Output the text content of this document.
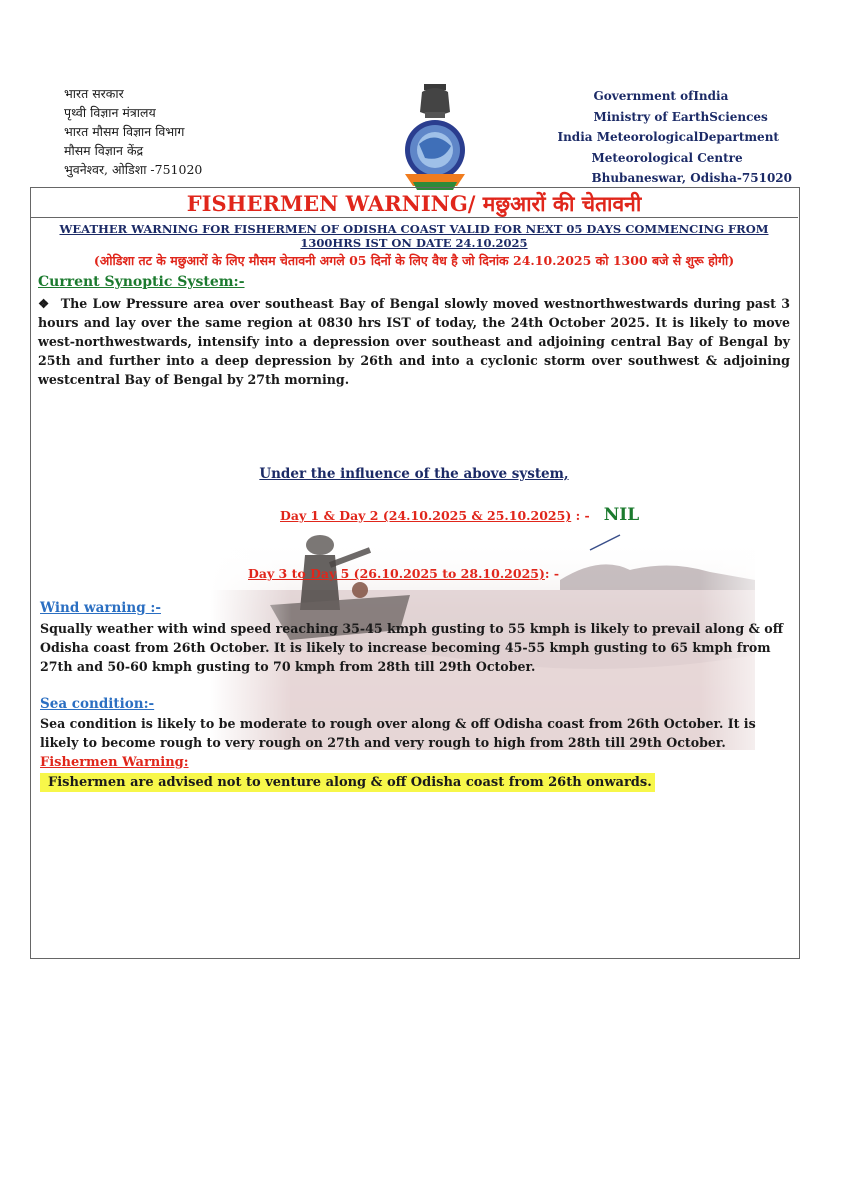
भारत सरकार
पृथ्वी विज्ञान मंत्रालय
भारत मौसम विज्ञान विभाग
मौसम विज्ञान केंद्र
भुवनेश्वर, ओडिशा -751020
Government ofIndia
Ministry of EarthSciences
India MeteorologicalDepartment
Meteorological Centre
Bhubaneswar, Odisha-751020
FISHERMEN WARNING/ मछुआरों की चेतावनी
WEATHER WARNING FOR FISHERMEN OF ODISHA COAST VALID FOR NEXT 05 DAYS COMMENCING FROM
1300HRS IST ON DATE 24.10.2025
(ओडिशा तट के मछुआरों के लिए मौसम चेतावनी अगले 05 दिनों के लिए वैध है जो दिनांक 24.10.2025 को 1300 बजे से शुरू होगी)
Current Synoptic System:-
❖ The Low Pressure area over southeast Bay of Bengal slowly moved westnorthwestwards during past 3 hours and lay over the same region at 0830 hrs IST of today, the 24th October 2025. It is likely to move west-northwestwards, intensify into a depression over southeast and adjoining central Bay of Bengal by 25th and further into a deep depression by 26th and into a cyclonic storm over southwest & adjoining westcentral Bay of Bengal by 27th morning.
Under the influence of the above system,
Day 1 & Day 2 (24.10.2025 & 25.10.2025) : - NIL
Day 3 to Day 5 (26.10.2025 to 28.10.2025): -
Wind warning :-
Squally weather with wind speed reaching 35-45 kmph gusting to 55 kmph is likely to prevail along & off Odisha coast from 26th October. It is likely to increase becoming 45-55 kmph gusting to 65 kmph from 27th and 50-60 kmph gusting to 70 kmph from 28th till 29th October.
Sea condition:-
Sea condition is likely to be moderate to rough over along & off Odisha coast from 26th October. It is likely to become rough to very rough on 27th and very rough to high from 28th till 29th October.
Fishermen Warning:
Fishermen are advised not to venture along & off Odisha coast from 26th onwards.
